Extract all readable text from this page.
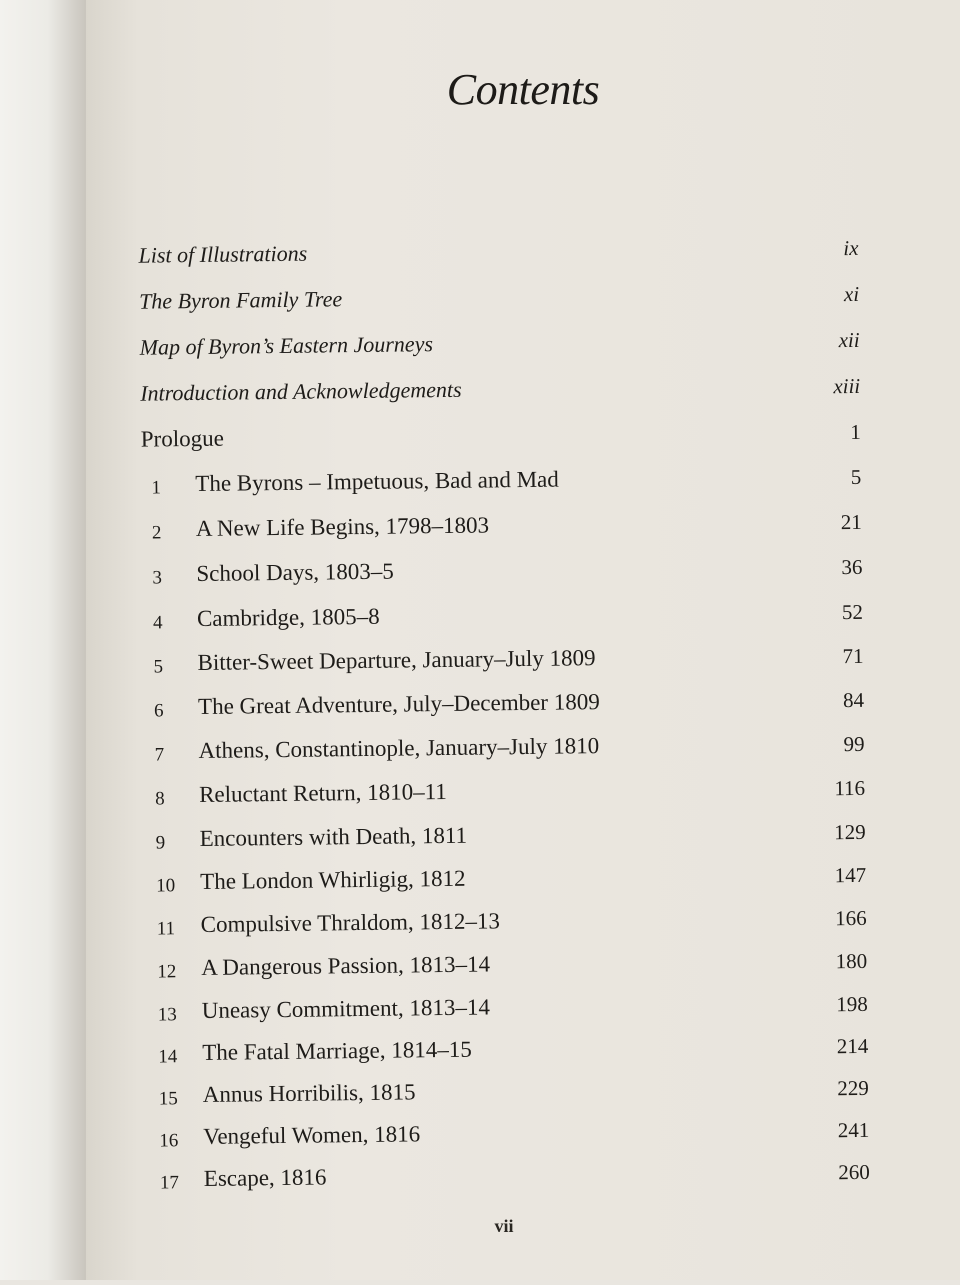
Contents
List of Illustrations	ix
The Byron Family Tree	xi
Map of Byron’s Eastern Journeys	xii
Introduction and Acknowledgements	xiii
Prologue	1
1	The Byrons – Impetuous, Bad and Mad	5
2	A New Life Begins, 1798–1803	21
3	School Days, 1803–5	36
4	Cambridge, 1805–8	52
5	Bitter-Sweet Departure, January–July 1809	71
6	The Great Adventure, July–December 1809	84
7	Athens, Constantinople, January–July 1810	99
8	Reluctant Return, 1810–11	116
9	Encounters with Death, 1811	129
10	The London Whirligig, 1812	147
11	Compulsive Thraldom, 1812–13	166
12	A Dangerous Passion, 1813–14	180
13	Uneasy Commitment, 1813–14	198
14	The Fatal Marriage, 1814–15	214
15	Annus Horribilis, 1815	229
16	Vengeful Women, 1816	241
17	Escape, 1816	260
vii
